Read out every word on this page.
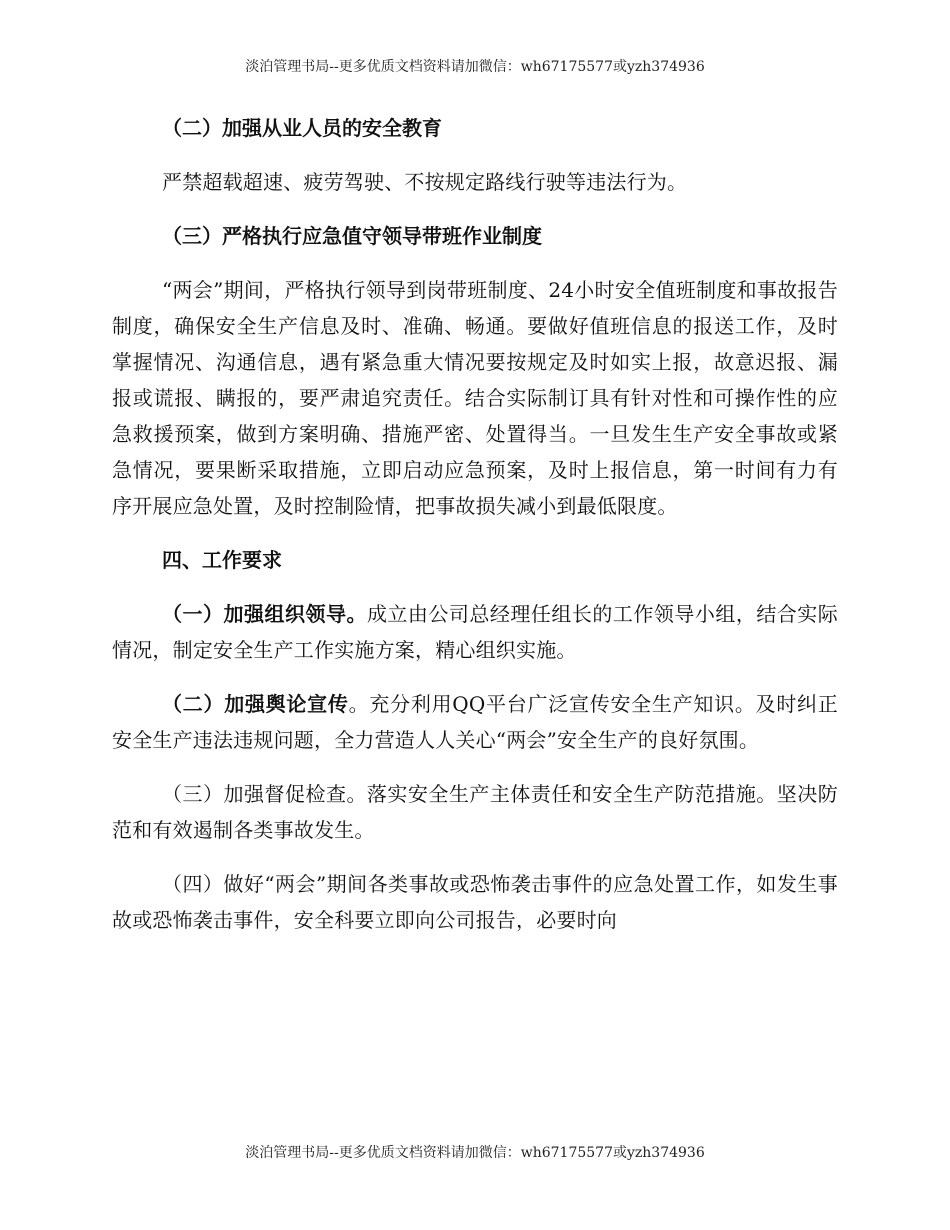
淡泊管理书局--更多优质文档资料请加微信：wh67175577或yzh374936

（二）加强从业人员的安全教育

严禁超载超速、疲劳驾驶、不按规定路线行驶等违法行为。

（三）严格执行应急值守领导带班作业制度

“两会”期间，严格执行领导到岗带班制度、24小时安全值班制度和事故报告制度，确保安全生产信息及时、准确、畅通。要做好值班信息的报送工作，及时掌握情况、沟通信息，遇有紧急重大情况要按规定及时如实上报，故意迟报、漏报或谎报、瞒报的，要严肃追究责任。结合实际制订具有针对性和可操作性的应急救援预案，做到方案明确、措施严密、处置得当。一旦发生生产安全事故或紧急情况，要果断采取措施，立即启动应急预案，及时上报信息，第一时间有力有序开展应急处置，及时控制险情，把事故损失减小到最低限度。

四、工作要求

（一）加强组织领导。成立由公司总经理任组长的工作领导小组，结合实际情况，制定安全生产工作实施方案，精心组织实施。

（二）加强舆论宣传。充分利用QQ平台广泛宣传安全生产知识。及时纠正安全生产违法违规问题，全力营造人人关心“两会”安全生产的良好氛围。

（三）加强督促检查。落实安全生产主体责任和安全生产防范措施。坚决防范和有效遏制各类事故发生。

（四）做好“两会”期间各类事故或恐怖袭击事件的应急处置工作，如发生事故或恐怖袭击事件，安全科要立即向公司报告，必要时向

淡泊管理书局--更多优质文档资料请加微信：wh67175577或yzh374936
